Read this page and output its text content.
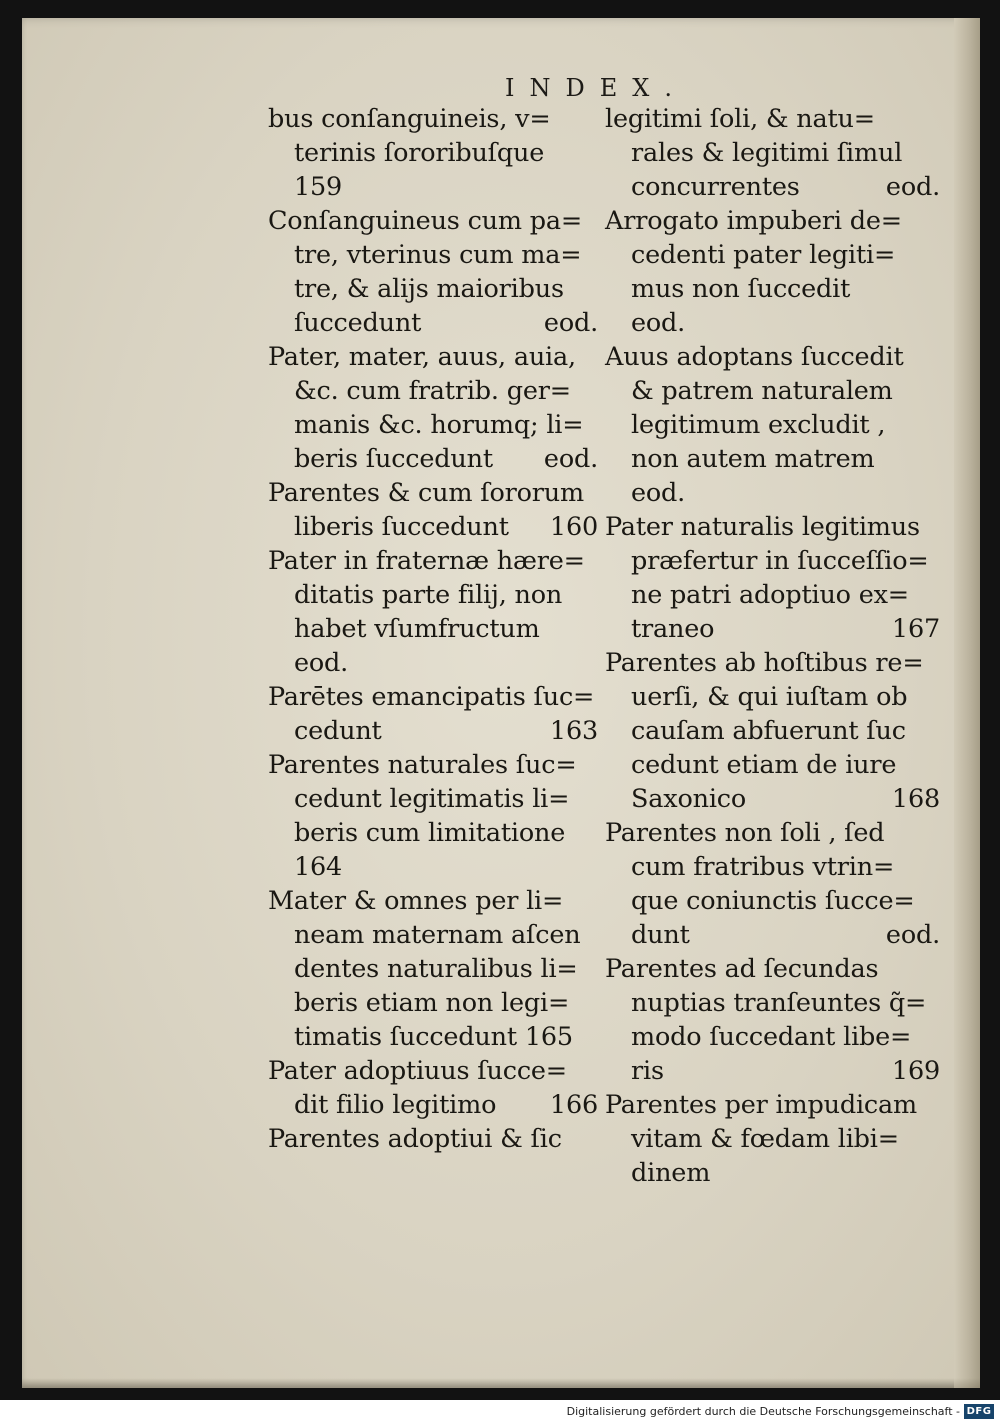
INDEX.
bus conſanguineis, v=
terinis ſororibuſque
159
Conſanguineus cum pa=
tre, vterinus cum ma=
tre, & alijs maioribus
ſuccedunt	eod.
Pater, mater, auus, auia,
&c. cum fratrib. ger=
manis &c. horumq; li=
beris ſuccedunt eod.
Parentes & cum ſororum
liberis ſuccedunt 160
Pater in fraternæ hære=
ditatis parte filij, non
habet vſumfructum
eod.
Parētes emancipatis ſuc=
cedunt	163
Parentes naturales ſuc=
cedunt legitimatis li=
beris cum limitatione
164
Mater & omnes per li=
neam maternam aſcen
dentes naturalibus li=
beris etiam non legi=
timatis ſuccedunt 165
Pater adoptiuus ſucce=
dit filio legitimo 166
Parentes adoptiui & ſic
legitimi ſoli, & natu=
rales & legitimi ſimul
concurrentes	eod.
Arrogato impuberi de=
cedenti pater legiti=
mus non ſuccedit
eod.
Auus adoptans ſuccedit
& patrem naturalem
legitimum excludit ,
non autem matrem
eod.
Pater naturalis legitimus
præfertur in ſucceſſio=
ne patri adoptiuo ex=
traneo	167
Parentes ab hoſtibus re=
uerſi, & qui iuſtam ob
cauſam abfuerunt ſuc
cedunt etiam de iure
Saxonico	168
Parentes non ſoli , ſed
cum fratribus vtrin=
que coniunctis ſucce=
dunt	eod.
Parentes ad ſecundas
nuptias tranſeuntes q̃=
modo ſuccedant libe=
ris	169
Parentes per impudicam
vitam & fœdam libi=
dinem
Digitalisierung gefördert durch die Deutsche Forschungsgemeinschaft - DFG
